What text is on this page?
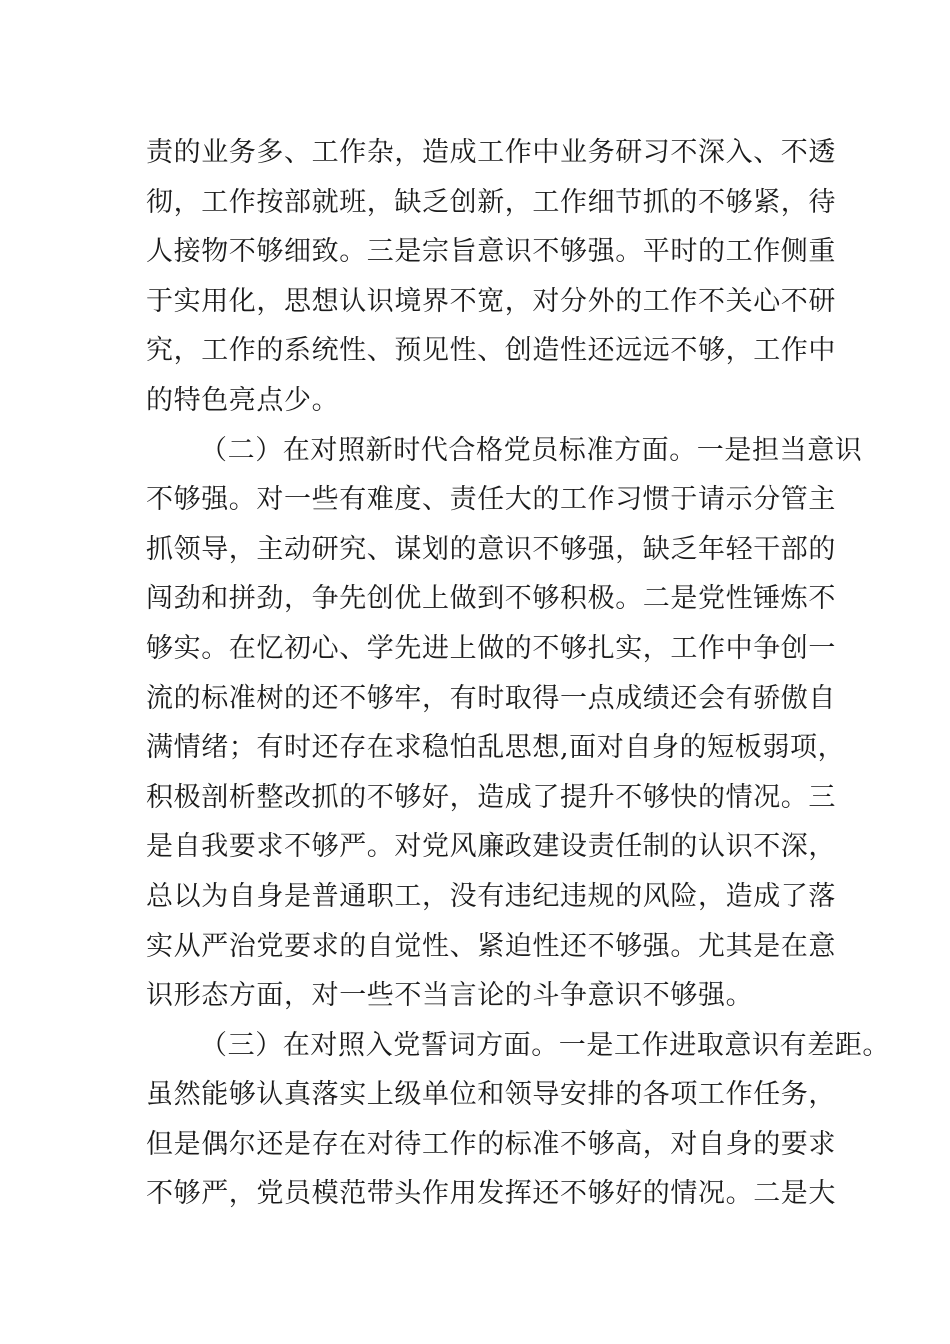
责的业务多、工作杂，造成工作中业务研习不深入、不透
彻，工作按部就班，缺乏创新，工作细节抓的不够紧，待
人接物不够细致。三是宗旨意识不够强。平时的工作侧重
于实用化，思想认识境界不宽，对分外的工作不关心不研
究，工作的系统性、预见性、创造性还远远不够，工作中
的特色亮点少。
（二）在对照新时代合格党员标准方面。一是担当意识
不够强。对一些有难度、责任大的工作习惯于请示分管主
抓领导，主动研究、谋划的意识不够强，缺乏年轻干部的
闯劲和拼劲，争先创优上做到不够积极。二是党性锤炼不
够实。在忆初心、学先进上做的不够扎实，工作中争创一
流的标准树的还不够牢，有时取得一点成绩还会有骄傲自
满情绪；有时还存在求稳怕乱思想,面对自身的短板弱项，
积极剖析整改抓的不够好，造成了提升不够快的情况。三
是自我要求不够严。对党风廉政建设责任制的认识不深，
总以为自身是普通职工，没有违纪违规的风险，造成了落
实从严治党要求的自觉性、紧迫性还不够强。尤其是在意
识形态方面，对一些不当言论的斗争意识不够强。
（三）在对照入党誓词方面。一是工作进取意识有差距。
虽然能够认真落实上级单位和领导安排的各项工作任务，
但是偶尔还是存在对待工作的标准不够高，对自身的要求
不够严，党员模范带头作用发挥还不够好的情况。二是大
